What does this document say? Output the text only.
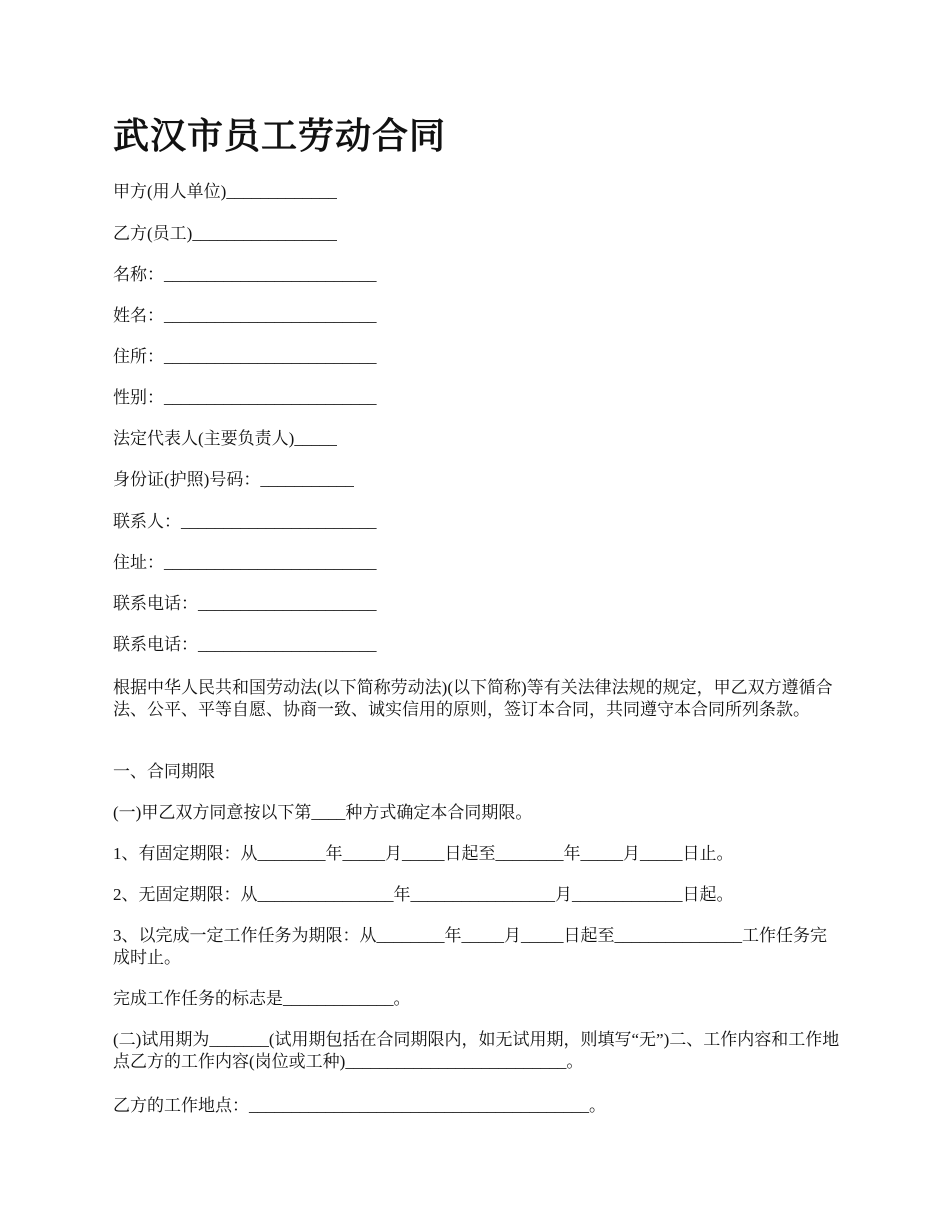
武汉市员工劳动合同

甲方(用人单位)_____________

乙方(员工)_________________

名称：_________________________

姓名：_________________________

住所：_________________________

性别：_________________________

法定代表人(主要负责人)_____

身份证(护照)号码：___________

联系人：_______________________

住址：_________________________

联系电话：_____________________

联系电话：_____________________

根据中华人民共和国劳动法(以下简称劳动法)(以下简称)等有关法律法规的规定，甲乙双方遵循合法、公平、平等自愿、协商一致、诚实信用的原则，签订本合同，共同遵守本合同所列条款。

一、合同期限

(一)甲乙双方同意按以下第____种方式确定本合同期限。

1、有固定期限：从________年_____月_____日起至________年_____月_____日止。

2、无固定期限：从________________年_________________月_____________日起。

3、以完成一定工作任务为期限：从________年_____月_____日起至_______________工作任务完成时止。

完成工作任务的标志是_____________。

(二)试用期为_______(试用期包括在合同期限内，如无试用期，则填写“无”)二、工作内容和工作地点乙方的工作内容(岗位或工种)__________________________。

乙方的工作地点：________________________________________。
